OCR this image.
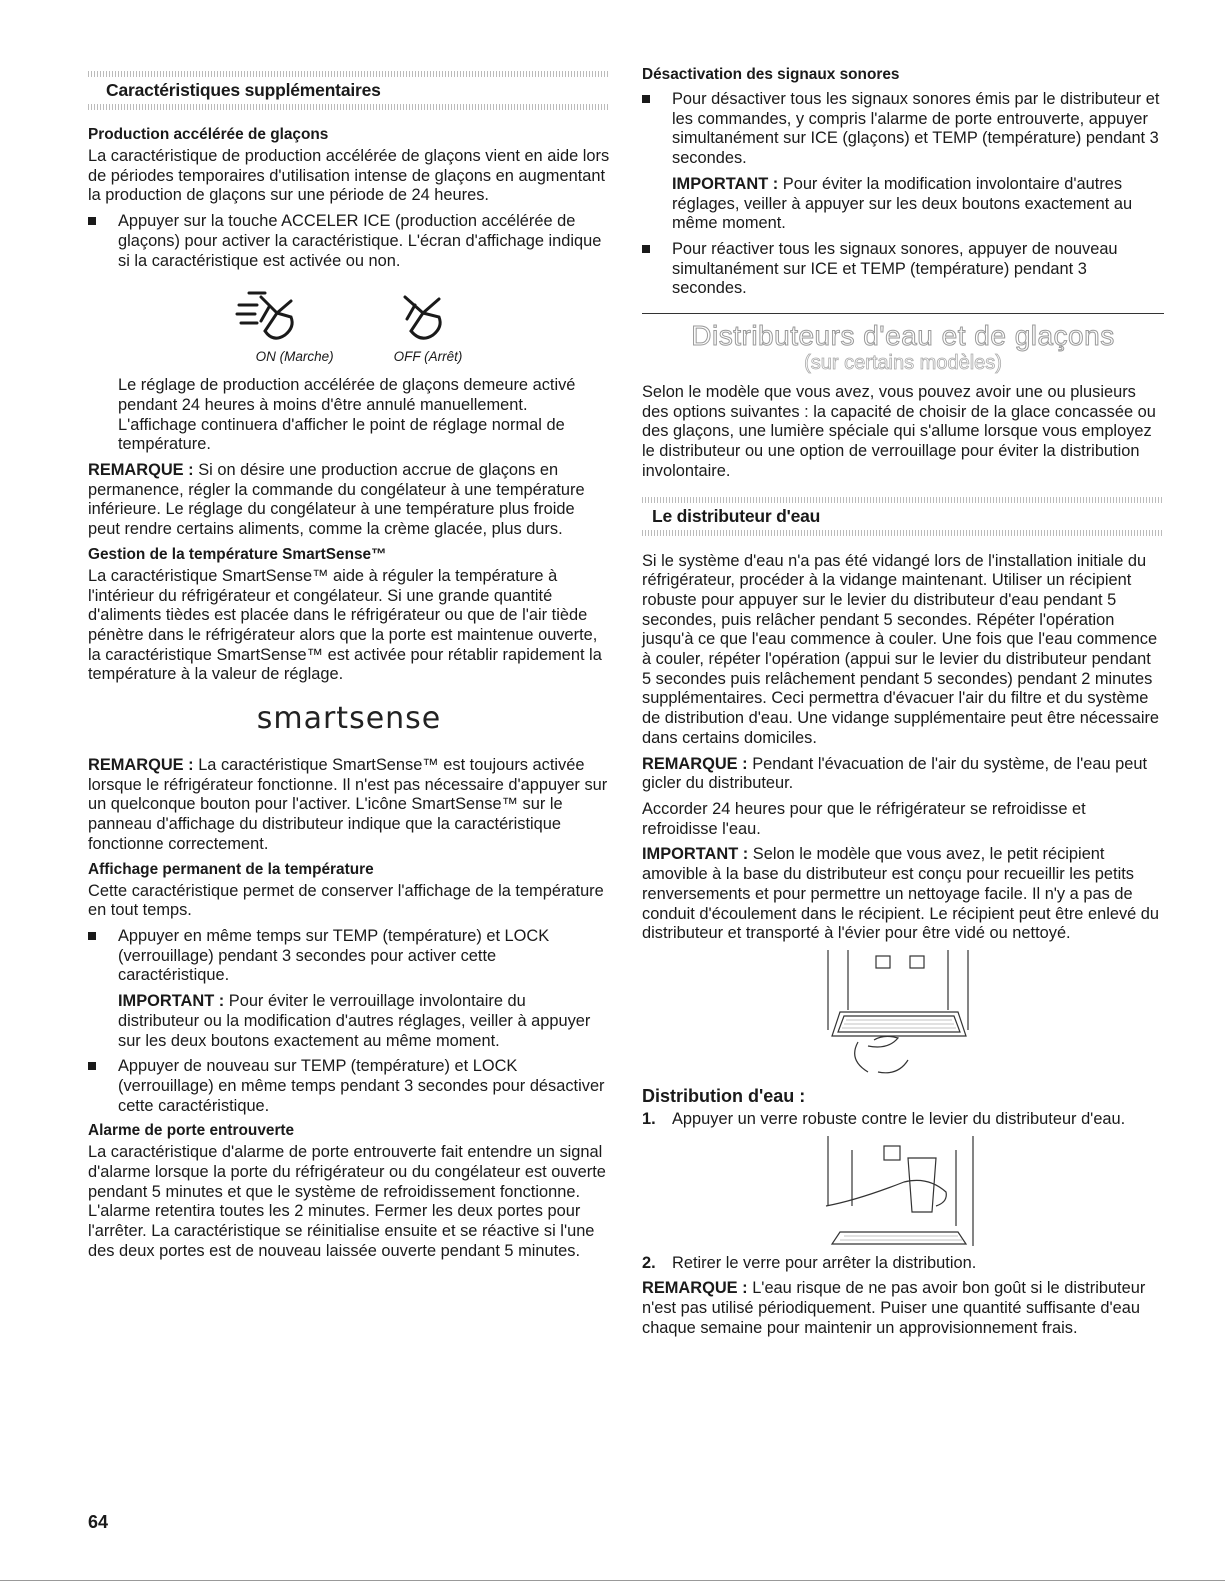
Caractéristiques supplémentaires
Production accélérée de glaçons

La caractéristique de production accélérée de glaçons vient en aide lors de périodes temporaires d'utilisation intense de glaçons en augmentant la production de glaçons sur une période de 24 heures.

Appuyer sur la touche ACCELER ICE (production accélérée de glaçons) pour activer la caractéristique. L'écran d'affichage indique si la caractéristique est activée ou non.
ON (Marche)	OFF (Arrêt)

Le réglage de production accélérée de glaçons demeure activé pendant 24 heures à moins d'être annulé manuellement. L'affichage continuera d'afficher le point de réglage normal de température.

REMARQUE : Si on désire une production accrue de glaçons en permanence, régler la commande du congélateur à une température inférieure. Le réglage du congélateur à une température plus froide peut rendre certains aliments, comme la crème glacée, plus durs.

Gestion de la température SmartSense™

La caractéristique SmartSense™ aide à réguler la température à l'intérieur du réfrigérateur et congélateur. Si une grande quantité d'aliments tièdes est placée dans le réfrigérateur ou que de l'air tiède pénètre dans le réfrigérateur alors que la porte est maintenue ouverte, la caractéristique SmartSense™ est activée pour rétablir rapidement la température à la valeur de réglage.

smartsense

REMARQUE : La caractéristique SmartSense™ est toujours activée lorsque le réfrigérateur fonctionne. Il n'est pas nécessaire d'appuyer sur un quelconque bouton pour l'activer. L'icône SmartSense™ sur le panneau d'affichage du distributeur indique que la caractéristique fonctionne correctement.

Affichage permanent de la température

Cette caractéristique permet de conserver l'affichage de la température en tout temps.

Appuyer en même temps sur TEMP (température) et LOCK (verrouillage) pendant 3 secondes pour activer cette caractéristique.

IMPORTANT : Pour éviter le verrouillage involontaire du distributeur ou la modification d'autres réglages, veiller à appuyer sur les deux boutons exactement au même moment.

Appuyer de nouveau sur TEMP (température) et LOCK (verrouillage) en même temps pendant 3 secondes pour désactiver cette caractéristique.
Alarme de porte entrouverte

La caractéristique d'alarme de porte entrouverte fait entendre un signal d'alarme lorsque la porte du réfrigérateur ou du congélateur est ouverte pendant 5 minutes et que le système de refroidissement fonctionne. L'alarme retentira toutes les 2 minutes. Fermer les deux portes pour l'arrêter. La caractéristique se réinitialise ensuite et se réactive si l'une des deux portes est de nouveau laissée ouverte pendant 5 minutes.

Désactivation des signaux sonores
Pour désactiver tous les signaux sonores émis par le distributeur et les commandes, y compris l'alarme de porte entrouverte, appuyer simultanément sur ICE (glaçons) et TEMP (température) pendant 3 secondes.

IMPORTANT : Pour éviter la modification involontaire d'autres réglages, veiller à appuyer sur les deux boutons exactement au même moment.

Pour réactiver tous les signaux sonores, appuyer de nouveau simultanément sur ICE et TEMP (température) pendant 3 secondes.
Distributeurs d'eau et de glaçons
(sur certains modèles)

Selon le modèle que vous avez, vous pouvez avoir une ou plusieurs des options suivantes : la capacité de choisir de la glace concassée ou des glaçons, une lumière spéciale qui s'allume lorsque vous employez le distributeur ou une option de verrouillage pour éviter la distribution involontaire.

Le distributeur d'eau

Si le système d'eau n'a pas été vidangé lors de l'installation initiale du réfrigérateur, procéder à la vidange maintenant. Utiliser un récipient robuste pour appuyer sur le levier du distributeur d'eau pendant 5 secondes, puis relâcher pendant 5 secondes. Répéter l'opération jusqu'à ce que l'eau commence à couler. Une fois que l'eau commence à couler, répéter l'opération (appui sur le levier du distributeur pendant 5 secondes puis relâchement pendant 5 secondes) pendant 2 minutes supplémentaires. Ceci permettra d'évacuer l'air du filtre et du système de distribution d'eau. Une vidange supplémentaire peut être nécessaire dans certains domiciles.

REMARQUE : Pendant l'évacuation de l'air du système, de l'eau peut gicler du distributeur.

Accorder 24 heures pour que le réfrigérateur se refroidisse et refroidisse l'eau.

IMPORTANT : Selon le modèle que vous avez, le petit récipient amovible à la base du distributeur est conçu pour recueillir les petits renversements et pour permettre un nettoyage facile. Il n'y a pas de conduit d'écoulement dans le récipient. Le récipient peut être enlevé du distributeur et transporté à l'évier pour être vidé ou nettoyé.

Distribution d'eau :
1. Appuyer un verre robuste contre le levier du distributeur d'eau.
2. Retirer le verre pour arrêter la distribution.

REMARQUE : L'eau risque de ne pas avoir bon goût si le distributeur n'est pas utilisé périodiquement. Puiser une quantité suffisante d'eau chaque semaine pour maintenir un approvisionnement frais.

64
